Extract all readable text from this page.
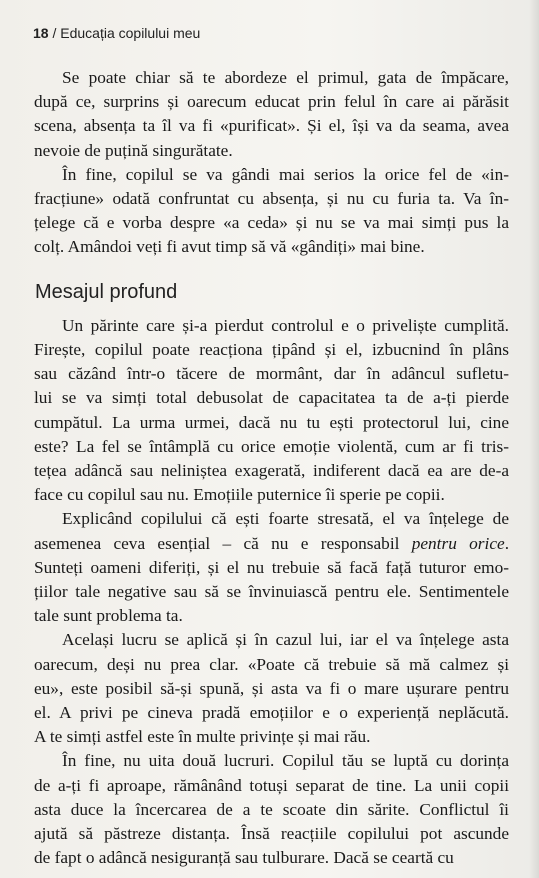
18 / Educația copilului meu
Se poate chiar să te abordeze el primul, gata de împăcare,
după ce, surprins și oarecum educat prin felul în care ai părăsit
scena, absența ta îl va fi «purificat». Și el, își va da seama, avea
nevoie de puțină singurătate.
În fine, copilul se va gândi mai serios la orice fel de «in-
fracțiune» odată confruntat cu absența, și nu cu furia ta. Va în-
țelege că e vorba despre «a ceda» și nu se va mai simți pus la
colț. Amândoi veți fi avut timp să vă «gândiți» mai bine.
Mesajul profund
Un părinte care și-a pierdut controlul e o priveliște cumplită.
Firește, copilul poate reacționa țipând și el, izbucnind în plâns
sau căzând într-o tăcere de mormânt, dar în adâncul sufletu-
lui se va simți total debusolat de capacitatea ta de a-ți pierde
cumpătul. La urma urmei, dacă nu tu ești protectorul lui, cine
este? La fel se întâmplă cu orice emoție violentă, cum ar fi tris-
tețea adâncă sau neliniștea exagerată, indiferent dacă ea are de-a
face cu copilul sau nu. Emoțiile puternice îi sperie pe copii.
Explicând copilului că ești foarte stresată, el va înțelege de
asemenea ceva esențial – că nu e responsabil pentru orice.
Sunteți oameni diferiți, și el nu trebuie să facă față tuturor emo-
țiilor tale negative sau să se învinuiască pentru ele. Sentimentele
tale sunt problema ta.
Același lucru se aplică și în cazul lui, iar el va înțelege asta
oarecum, deși nu prea clar. «Poate că trebuie să mă calmez și
eu», este posibil să-și spună, și asta va fi o mare ușurare pentru
el. A privi pe cineva pradă emoțiilor e o experiență neplăcută.
A te simți astfel este în multe privințe și mai rău.
În fine, nu uita două lucruri. Copilul tău se luptă cu dorința
de a-ți fi aproape, rămânând totuși separat de tine. La unii copii
asta duce la încercarea de a te scoate din sărite. Conflictul îi
ajută să păstreze distanța. Însă reacțiile copilului pot ascunde
de fapt o adâncă nesiguranță sau tulburare. Dacă se ceartă cu
